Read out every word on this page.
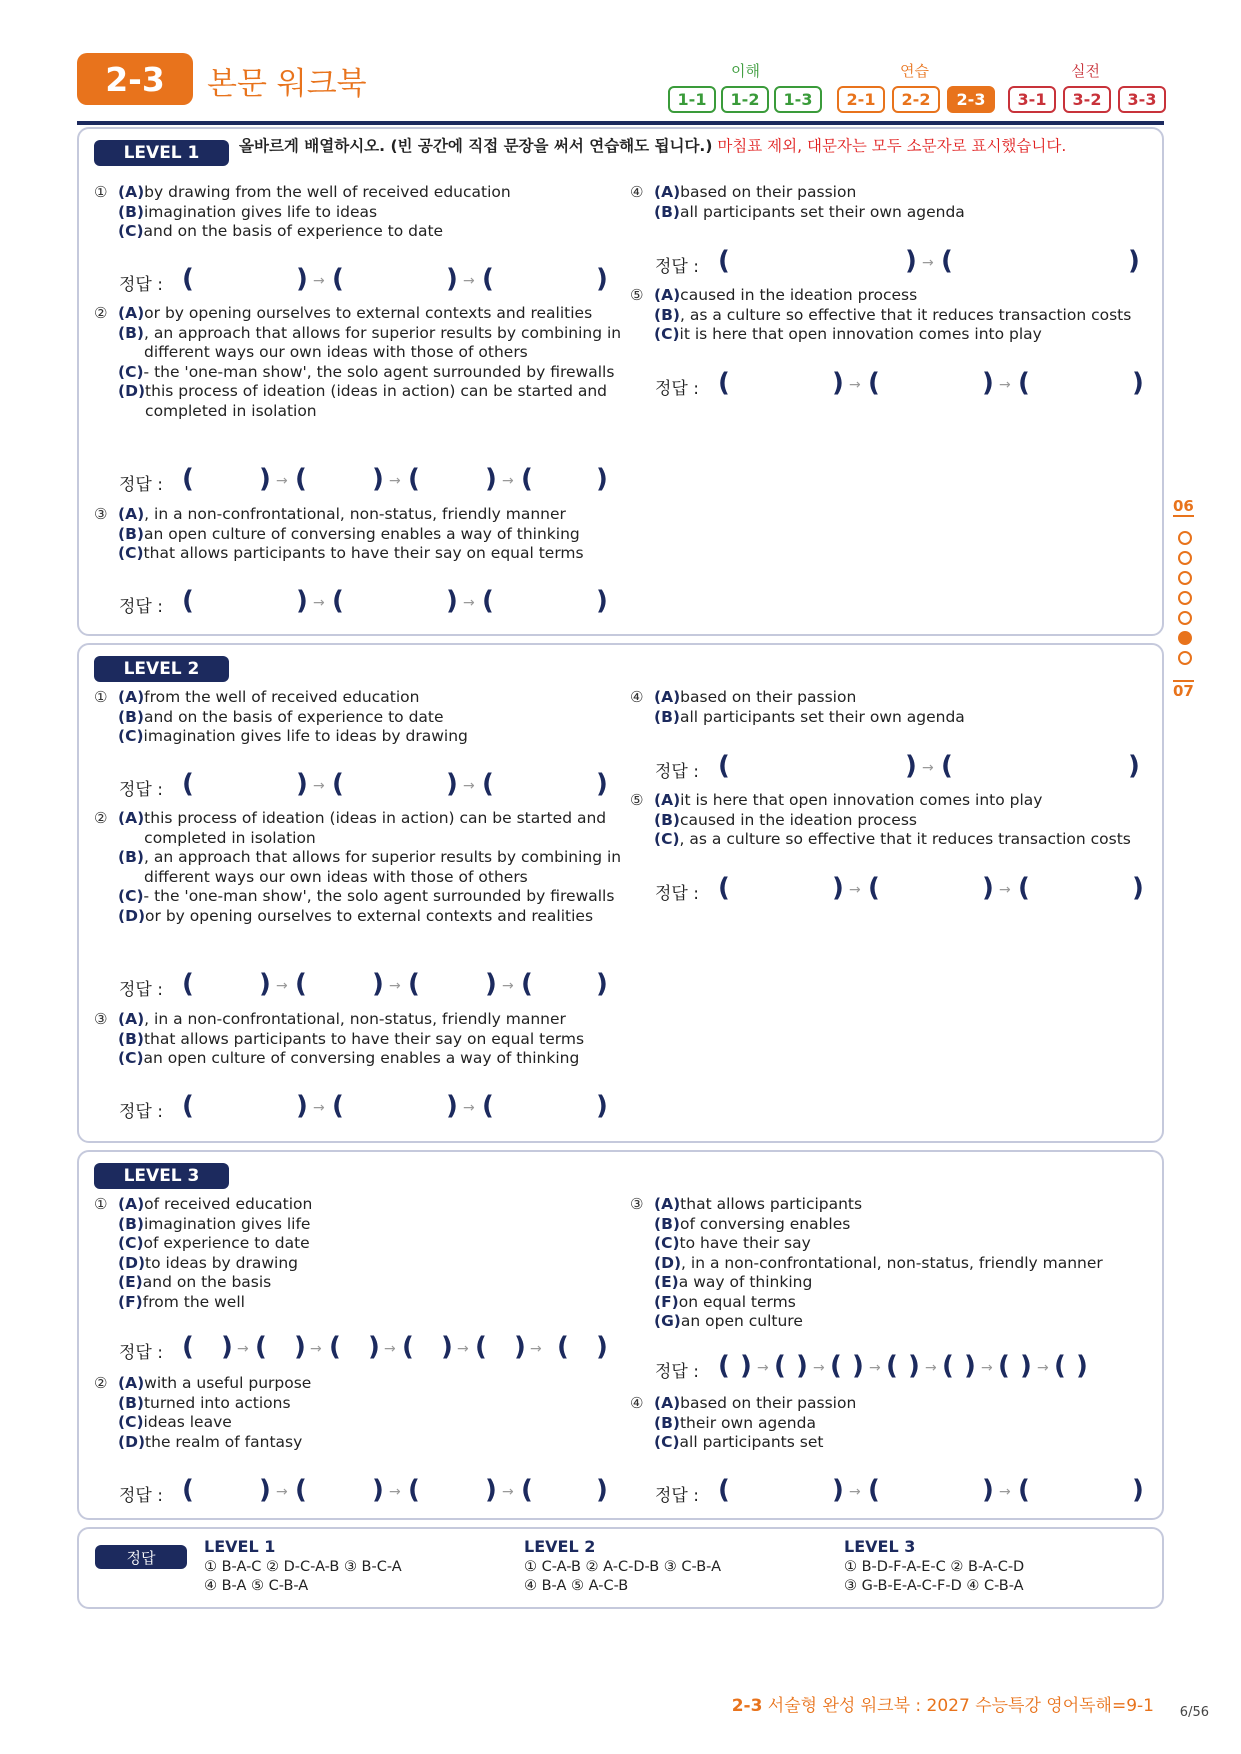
2-3	본문 워크북	이해	연습	실전
1-1	1-2	1-3	2-1	2-2	2-3	3-1	3-2	3-3
LEVEL 1	올바르게 배열하시오. (빈 공간에 직접 문장을 써서 연습해도 됩니다.) 마침표 제외, 대문자는 모두 소문자로 표시했습니다.
① (A) by drawing from the well of received education
(B) imagination gives life to ideas
(C) and on the basis of experience to date
정답 : (	) → (	) → (	)
② (A) or by opening ourselves to external contexts and realities
(B) , an approach that allows for superior results by combining in different ways our own ideas with those of others
(C) - the 'one-man show', the solo agent surrounded by firewalls
(D) this process of ideation (ideas in action) can be started and completed in isolation
정답 : (	) → (	) → (	) → ( )
③ (A) , in a non-confrontational, non-status, friendly manner
(B) an open culture of conversing enables a way of thinking
(C) that allows participants to have their say on equal terms
정답 : (	) → (	) → (	)
④ (A) based on their passion
(B) all participants set their own agenda
정답 : (	) → (	)
⑤ (A) caused in the ideation process
(B) , as a culture so effective that it reduces transaction costs
(C) it is here that open innovation comes into play
정답 : (	) → (	) → (	)
LEVEL 2
① (A) from the well of received education
(B) and on the basis of experience to date
(C) imagination gives life to ideas by drawing
정답 : (	) → (	) → (	)
② (A) this process of ideation (ideas in action) can be started and completed in isolation
(B) , an approach that allows for superior results by combining in different ways our own ideas with those of others
(C) - the 'one-man show', the solo agent surrounded by firewalls
(D) or by opening ourselves to external contexts and realities
정답 : (	) → (	) → (	) → ( )
③ (A) , in a non-confrontational, non-status, friendly manner
(B) that allows participants to have their say on equal terms
(C) an open culture of conversing enables a way of thinking
정답 : (	) → (	) → (	)
④ (A) based on their passion
(B) all participants set their own agenda
정답 : (	) → (	)
⑤ (A) it is here that open innovation comes into play
(B) caused in the ideation process
(C) , as a culture so effective that it reduces transaction costs
정답 : (	) → (	) → (	)
LEVEL 3
① (A) of received education
(B) imagination gives life
(C) of experience to date
(D) to ideas by drawing
(E) and on the basis
(F) from the well
정답 : ( ) → ( ) → ( ) → ( ) → ( ) → ( )
② (A) with a useful purpose
(B) turned into actions
(C) ideas leave
(D) the realm of fantasy
정답 : (	) → (	) → (	) → ( )
③ (A) that allows participants
(B) of conversing enables
(C) to have their say
(D) , in a non-confrontational, non-status, friendly manner
(E) a way of thinking
(F) on equal terms
(G) an open culture
정답 : ( ) → ( ) → ( ) → ( ) → ( ) → ( ) → ( )
④ (A) based on their passion
(B) their own agenda
(C) all participants set
정답 : (	) → (	) → (	)
정답
LEVEL 1
① B-A-C ② D-C-A-B ③ B-C-A
④ B-A ⑤ C-B-A
LEVEL 2
① C-A-B ② A-C-D-B ③ C-B-A
④ B-A ⑤ A-C-B
LEVEL 3
① B-D-F-A-E-C ② B-A-C-D
③ G-B-E-A-C-F-D ④ C-B-A
06
07
2-3 서술형 완성 워크북 : 2027 수능특강 영어독해=9-1 6/56
